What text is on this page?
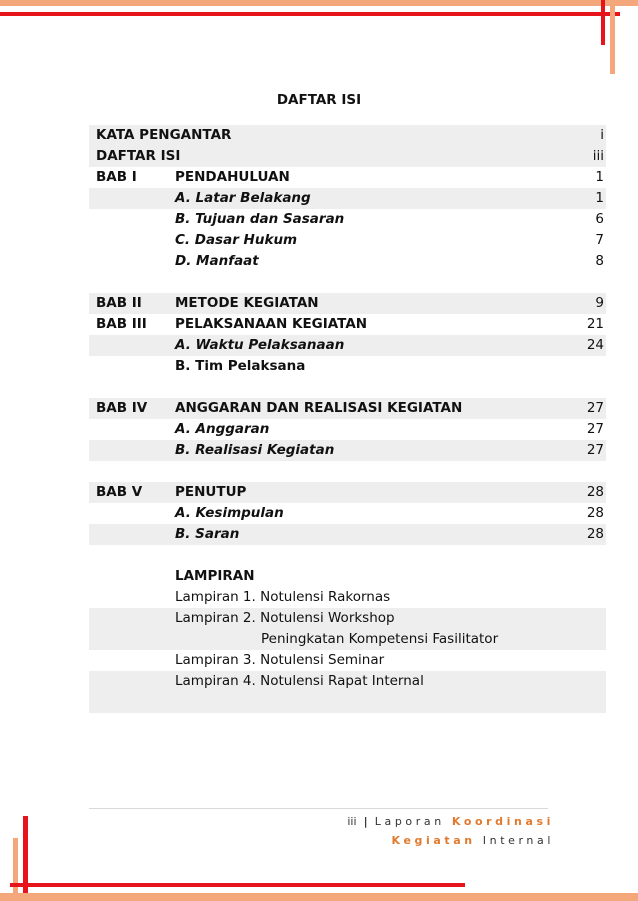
DAFTAR ISI
KATA PENGANTAR	i
DAFTAR ISI	iii
BAB I	PENDAHULUAN	1
A. Latar Belakang	1
B. Tujuan dan Sasaran	6
C. Dasar Hukum	7
D. Manfaat	8
BAB II METODE KEGIATAN	9
BAB III PELAKSANAAN KEGIATAN	21
A. Waktu Pelaksanaan	24
B. Tim Pelaksana
BAB IV ANGGARAN DAN REALISASI KEGIATAN	27
A. Anggaran	27
B. Realisasi Kegiatan	27
BAB V PENUTUP	28
A. Kesimpulan	28
B. Saran	28
LAMPIRAN
Lampiran 1. Notulensi Rakornas
Lampiran 2. Notulensi Workshop
Peningkatan Kompetensi Fasilitator
Lampiran 3. Notulensi Seminar
Lampiran 4. Notulensi Rapat Internal
iii | Laporan Koordinasi
Kegiatan Internal
